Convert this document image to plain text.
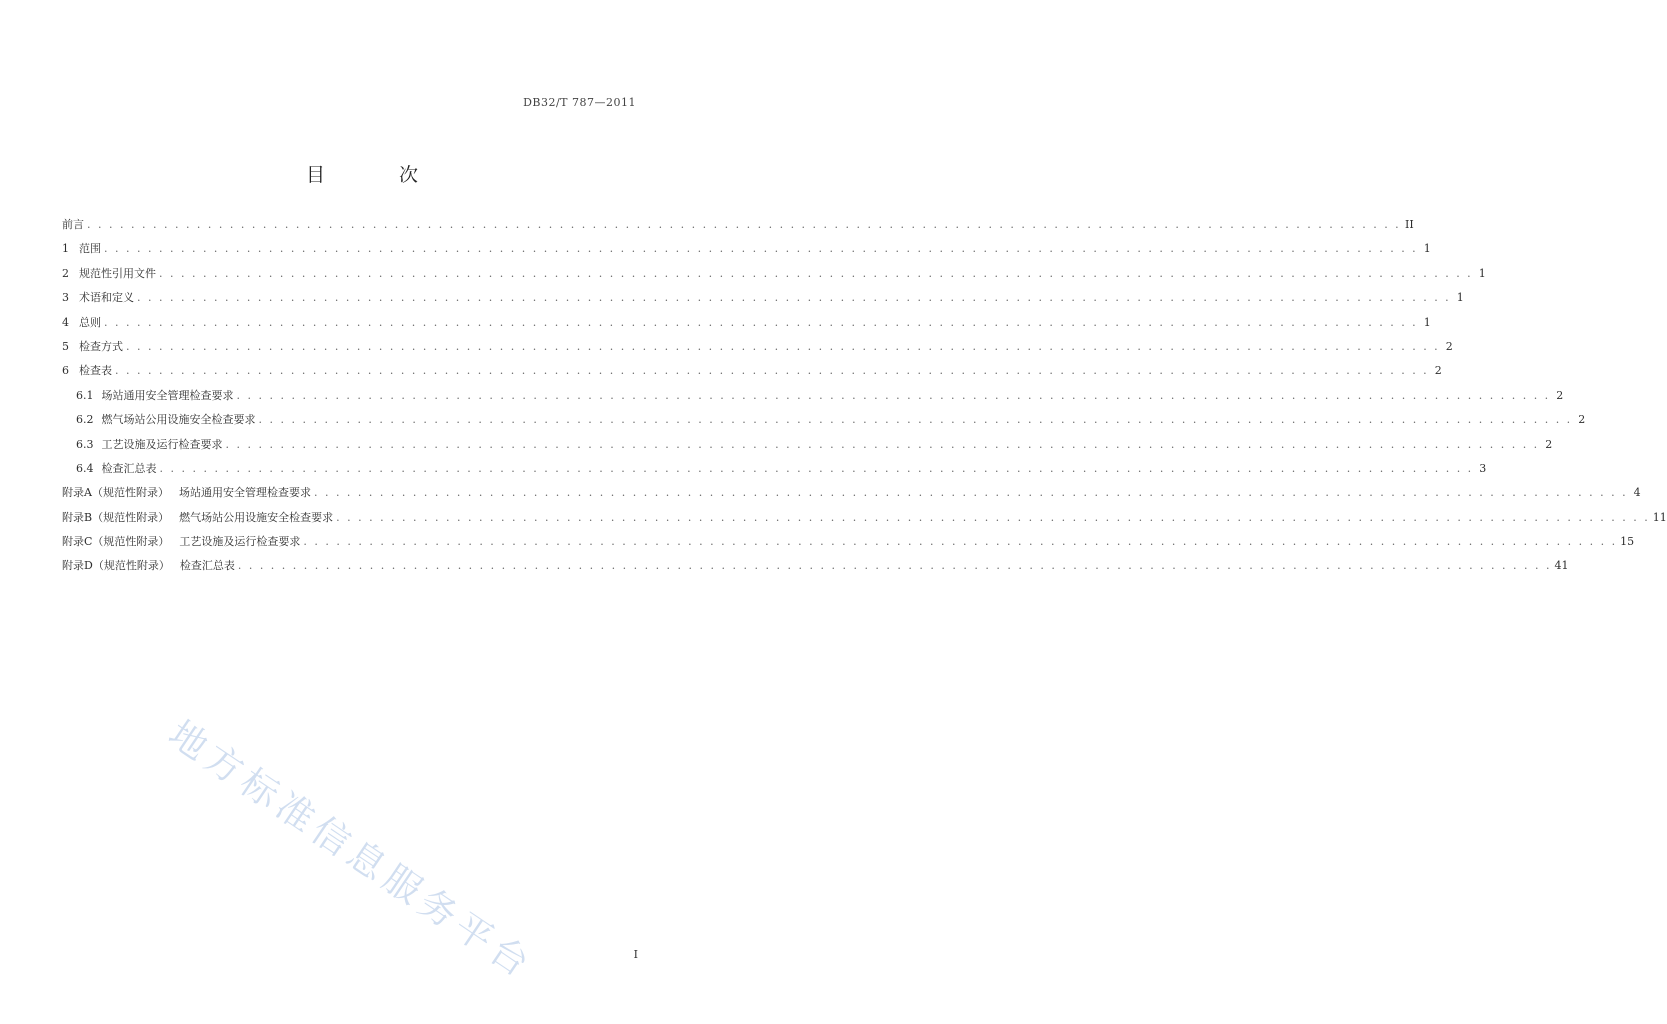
DB32/T 787—2011
目 次
前言 . . . . . . . . . . . . . . . . . . . . . . . . . . . . . . . . . . . . . . . . . . . . . . . . . . . . . . . . . . . . . . . . . . . . . . . . . . . . . . . . . . . . . . . . . . . . . . . . . . . . . . . . . . . . . . . . . . . . . . . . II
1 范围 . . . . . . . . . . . . . . . . . . . . . . . . . . . . . . . . . . . . . . . . . . . . . . . . . . . . . . . . . . . . . . . . . . . . . . . . . . . . . . . . . . . . . . . . . . . . . . . . . . . . . . . . . . . . . . . . . . . . . . . . 1
2 规范性引用文件 . . . . . . . . . . . . . . . . . . . . . . . . . . . . . . . . . . . . . . . . . . . . . . . . . . . . . . . . . . . . . . . . . . . . . . . . . . . . . . . . . . . . . . . . . . . . . . . . . . . . . . . . . . . . . . . . . . . . . . . . 1
3 术语和定义 . . . . . . . . . . . . . . . . . . . . . . . . . . . . . . . . . . . . . . . . . . . . . . . . . . . . . . . . . . . . . . . . . . . . . . . . . . . . . . . . . . . . . . . . . . . . . . . . . . . . . . . . . . . . . . . . . . . . . . . . 1
4 总则 . . . . . . . . . . . . . . . . . . . . . . . . . . . . . . . . . . . . . . . . . . . . . . . . . . . . . . . . . . . . . . . . . . . . . . . . . . . . . . . . . . . . . . . . . . . . . . . . . . . . . . . . . . . . . . . . . . . . . . . . 1
5 检查方式 . . . . . . . . . . . . . . . . . . . . . . . . . . . . . . . . . . . . . . . . . . . . . . . . . . . . . . . . . . . . . . . . . . . . . . . . . . . . . . . . . . . . . . . . . . . . . . . . . . . . . . . . . . . . . . . . . . . . . . . . 2
6 检查表 . . . . . . . . . . . . . . . . . . . . . . . . . . . . . . . . . . . . . . . . . . . . . . . . . . . . . . . . . . . . . . . . . . . . . . . . . . . . . . . . . . . . . . . . . . . . . . . . . . . . . . . . . . . . . . . . . . . . . . . . 2
6.1 场站通用安全管理检查要求 . . . . . . . . . . . . . . . . . . . . . . . . . . . . . . . . . . . . . . . . . . . . . . . . . . . . . . . . . . . . . . . . . . . . . . . . . . . . . . . . . . . . . . . . . . . . . . . . . . . . . . . . . . . . . . . . . . . . . . . . 2
6.2 燃气场站公用设施安全检查要求 . . . . . . . . . . . . . . . . . . . . . . . . . . . . . . . . . . . . . . . . . . . . . . . . . . . . . . . . . . . . . . . . . . . . . . . . . . . . . . . . . . . . . . . . . . . . . . . . . . . . . . . . . . . . . . . . . . . . . . . . 2
6.3 工艺设施及运行检查要求 . . . . . . . . . . . . . . . . . . . . . . . . . . . . . . . . . . . . . . . . . . . . . . . . . . . . . . . . . . . . . . . . . . . . . . . . . . . . . . . . . . . . . . . . . . . . . . . . . . . . . . . . . . . . . . . . . . . . . . . . 2
6.4 检查汇总表 . . . . . . . . . . . . . . . . . . . . . . . . . . . . . . . . . . . . . . . . . . . . . . . . . . . . . . . . . . . . . . . . . . . . . . . . . . . . . . . . . . . . . . . . . . . . . . . . . . . . . . . . . . . . . . . . . . . . . . . . 3
附录A（规范性附录） 场站通用安全管理检查要求 . . . . . . . . . . . . . . . . . . . . . . . . . . . . . . . . . . . . . . . . . . . . . . . . . . . . . . . . . . . . . . . . . . . . . . . . . . . . . . . . . . . . . . . . . . . . . . . . . . . . . . . . . . . . . . . . . . . . . . . . 4
附录B（规范性附录） 燃气场站公用设施安全检查要求 . . . . . . . . . . . . . . . . . . . . . . . . . . . . . . . . . . . . . . . . . . . . . . . . . . . . . . . . . . . . . . . . . . . . . . . . . . . . . . . . . . . . . . . . . . . . . . . . . . . . . . . . . . . . . . . . . . . . . . . . 11
附录C（规范性附录） 工艺设施及运行检查要求 . . . . . . . . . . . . . . . . . . . . . . . . . . . . . . . . . . . . . . . . . . . . . . . . . . . . . . . . . . . . . . . . . . . . . . . . . . . . . . . . . . . . . . . . . . . . . . . . . . . . . . . . . . . . . . . . . . . . . . . . 15
附录D（规范性附录） 检查汇总表 . . . . . . . . . . . . . . . . . . . . . . . . . . . . . . . . . . . . . . . . . . . . . . . . . . . . . . . . . . . . . . . . . . . . . . . . . . . . . . . . . . . . . . . . . . . . . . . . . . . . . . . . . . . . . . . . . . . . . . . . 41
地方标准信息服务平台	I
